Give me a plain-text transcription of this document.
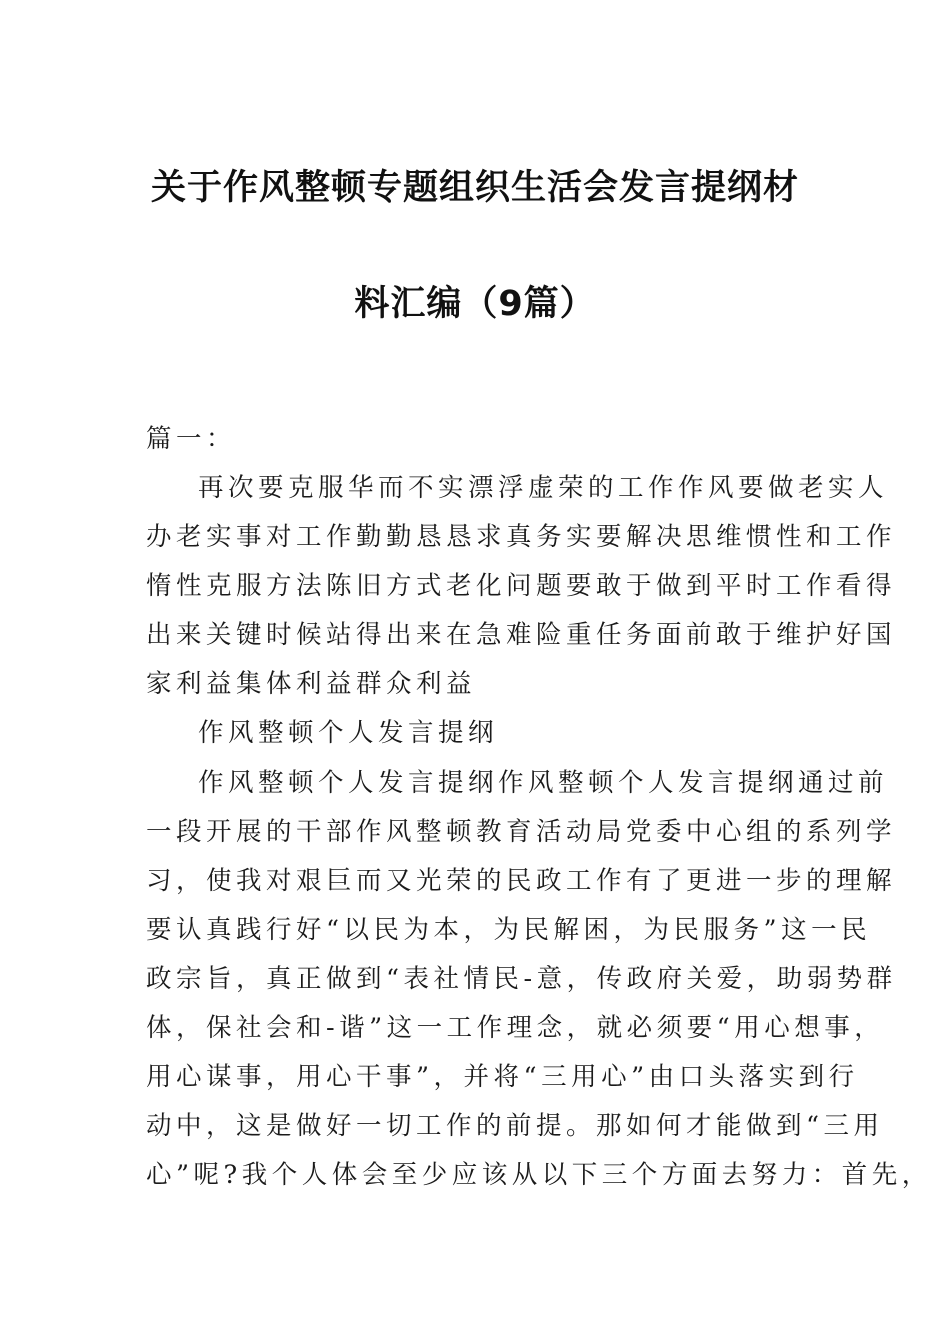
关于作风整顿专题组织生活会发言提纲材
料汇编（9篇）
篇一：
再次要克服华而不实漂浮虚荣的工作作风要做老实人
办老实事对工作勤勤恳恳求真务实要解决思维惯性和工作
惰性克服方法陈旧方式老化问题要敢于做到平时工作看得
出来关键时候站得出来在急难险重任务面前敢于维护好国
家利益集体利益群众利益
作风整顿个人发言提纲
作风整顿个人发言提纲作风整顿个人发言提纲通过前
一段开展的干部作风整顿教育活动局党委中心组的系列学
习，使我对艰巨而又光荣的民政工作有了更进一步的理解
要认真践行好“以民为本，为民解困，为民服务”这一民
政宗旨，真正做到“表社情民-意，传政府关爱，助弱势群
体，保社会和-谐”这一工作理念，就必须要“用心想事，
用心谋事，用心干事”，并将“三用心”由口头落实到行
动中，这是做好一切工作的前提。那如何才能做到“三用
心”呢?我个人体会至少应该从以下三个方面去努力：首先，
